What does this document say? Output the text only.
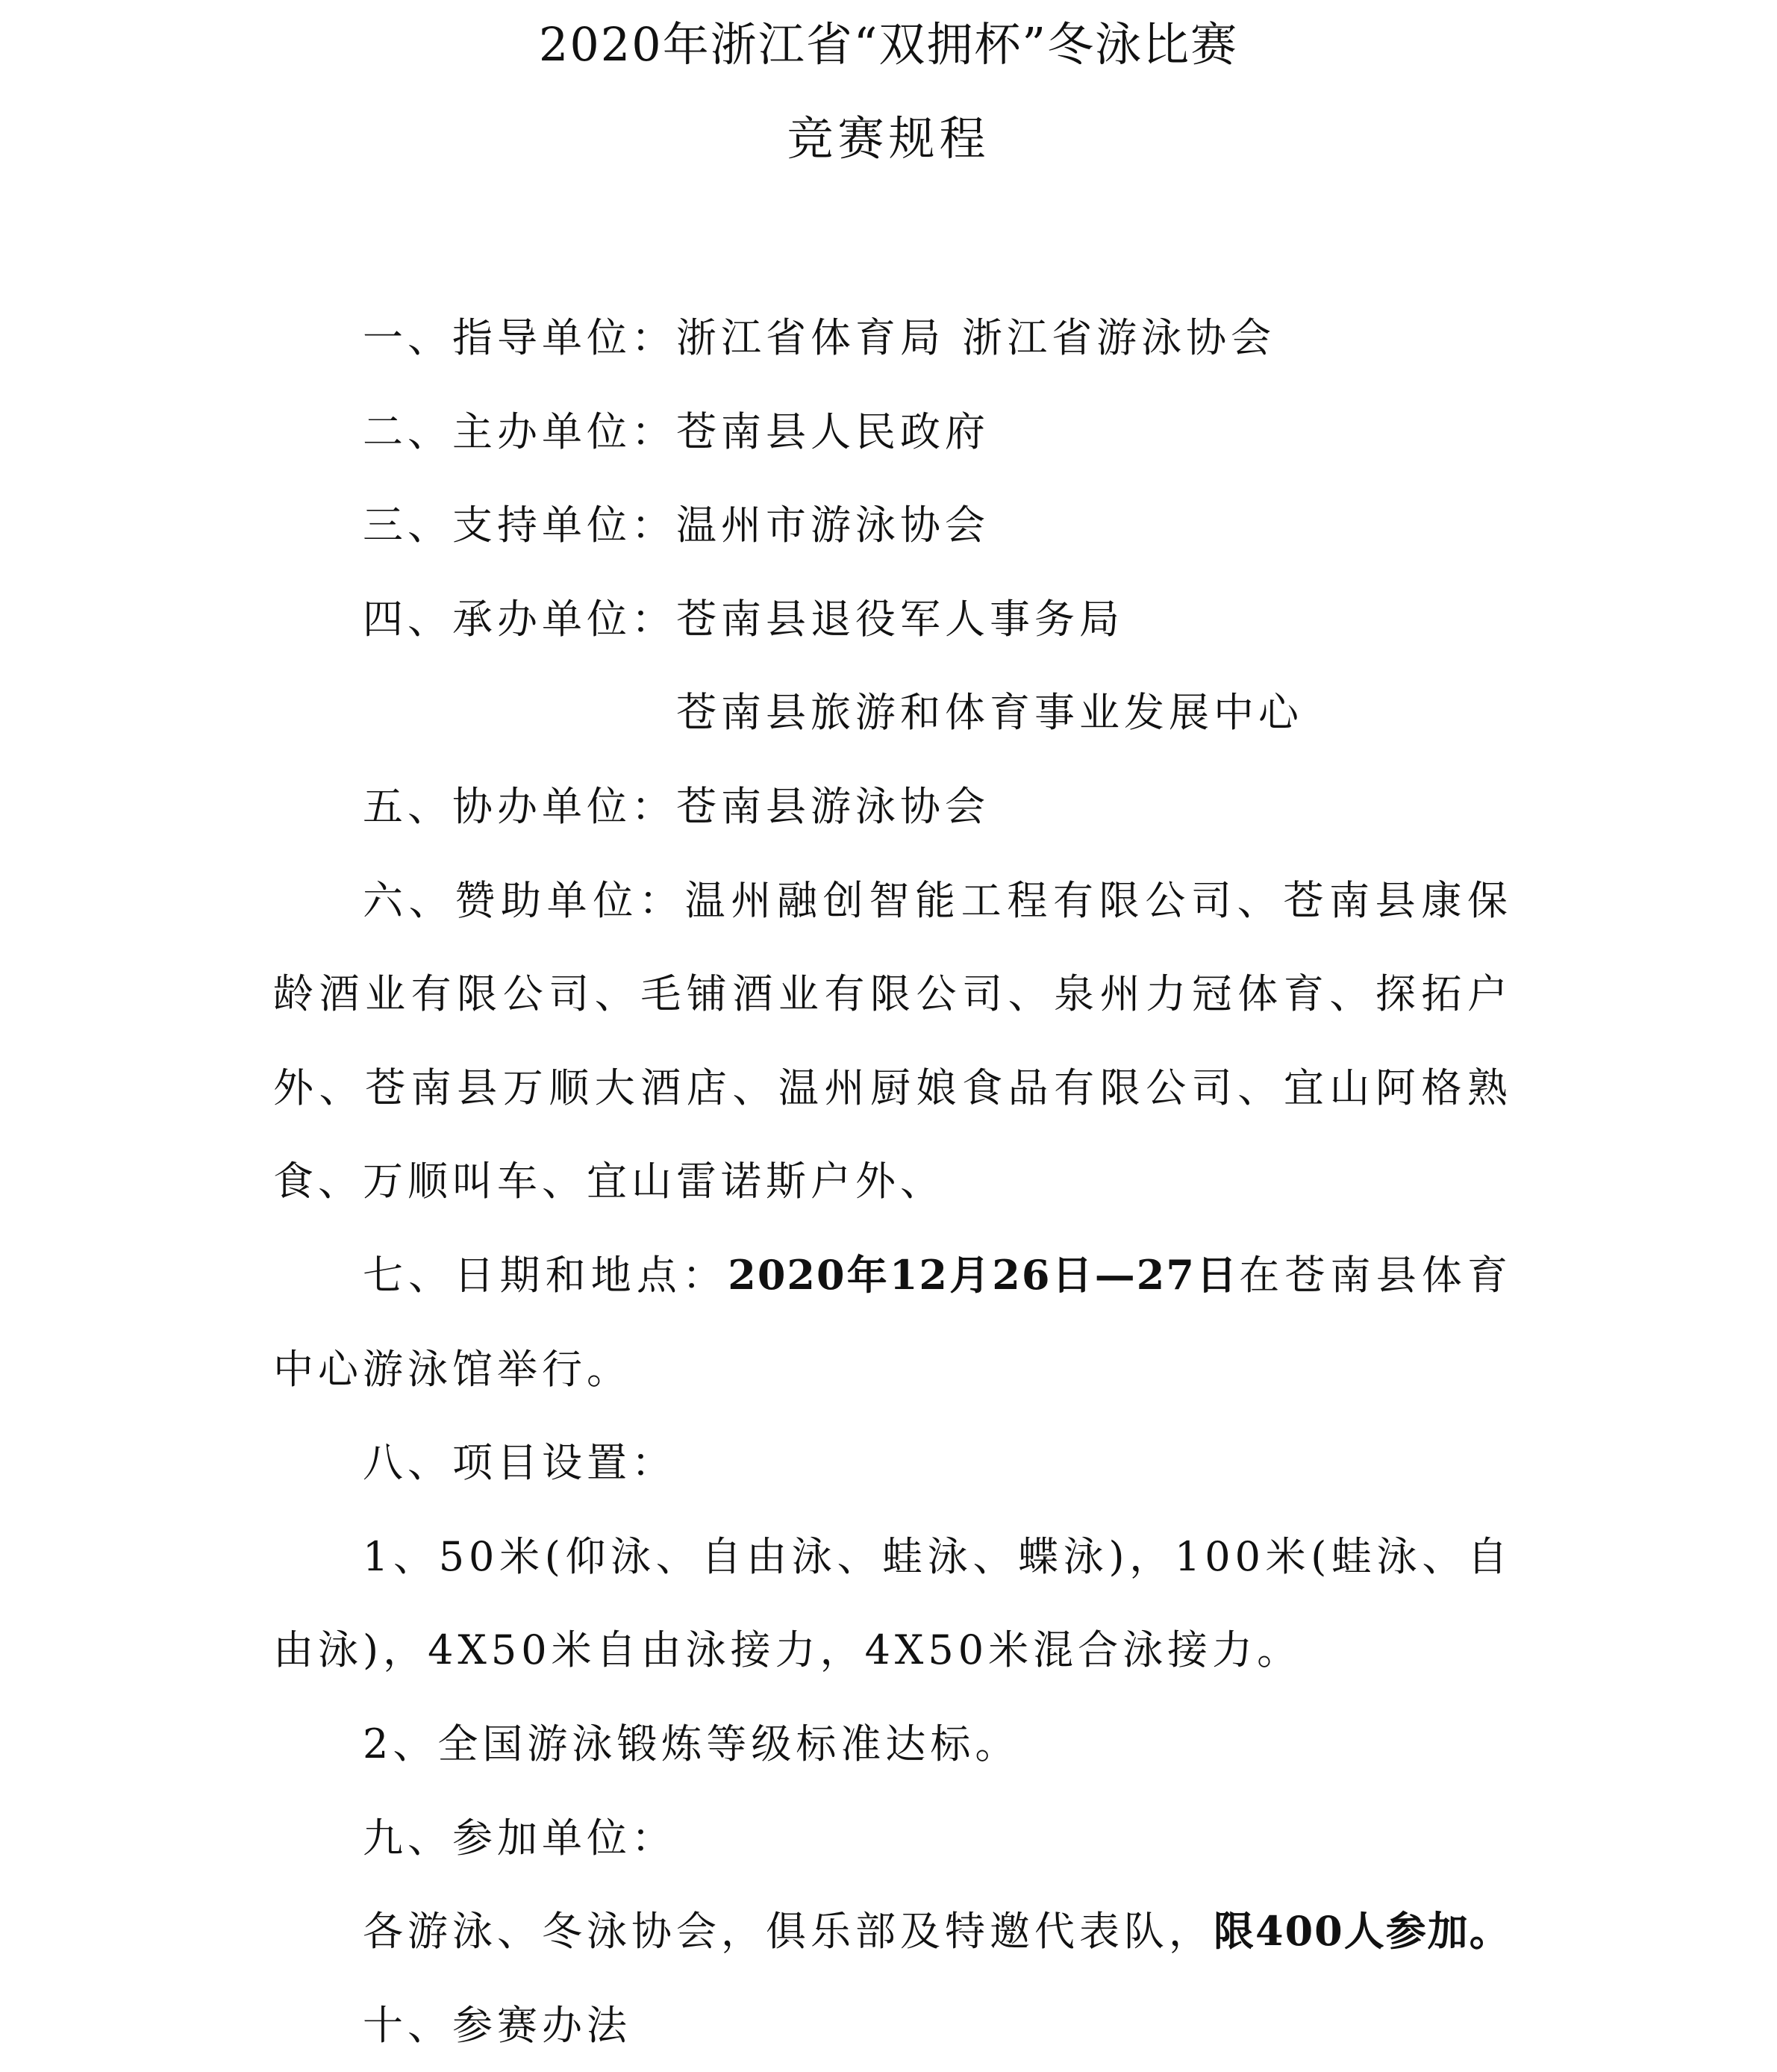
2020年浙江省“双拥杯”冬泳比赛
竞赛规程

一、指导单位：浙江省体育局 浙江省游泳协会

二、主办单位：苍南县人民政府

三、支持单位：温州市游泳协会

四、承办单位：苍南县退役军人事务局

苍南县旅游和体育事业发展中心

五、协办单位：苍南县游泳协会

六、赞助单位：温州融创智能工程有限公司、苍南县康保龄酒业有限公司、毛铺酒业有限公司、泉州力冠体育、探拓户外、苍南县万顺大酒店、温州厨娘食品有限公司、宜山阿格熟食、万顺叫车、宜山雷诺斯户外、

七、日期和地点：2020年12月26日—27日在苍南县体育中心游泳馆举行。

八、项目设置：

1、50米(仰泳、自由泳、蛙泳、蝶泳)，100米(蛙泳、自由泳)，4X50米自由泳接力，4X50米混合泳接力。

2、全国游泳锻炼等级标准达标。

九、参加单位：

各游泳、冬泳协会，俱乐部及特邀代表队，限400人参加。

十、参赛办法
